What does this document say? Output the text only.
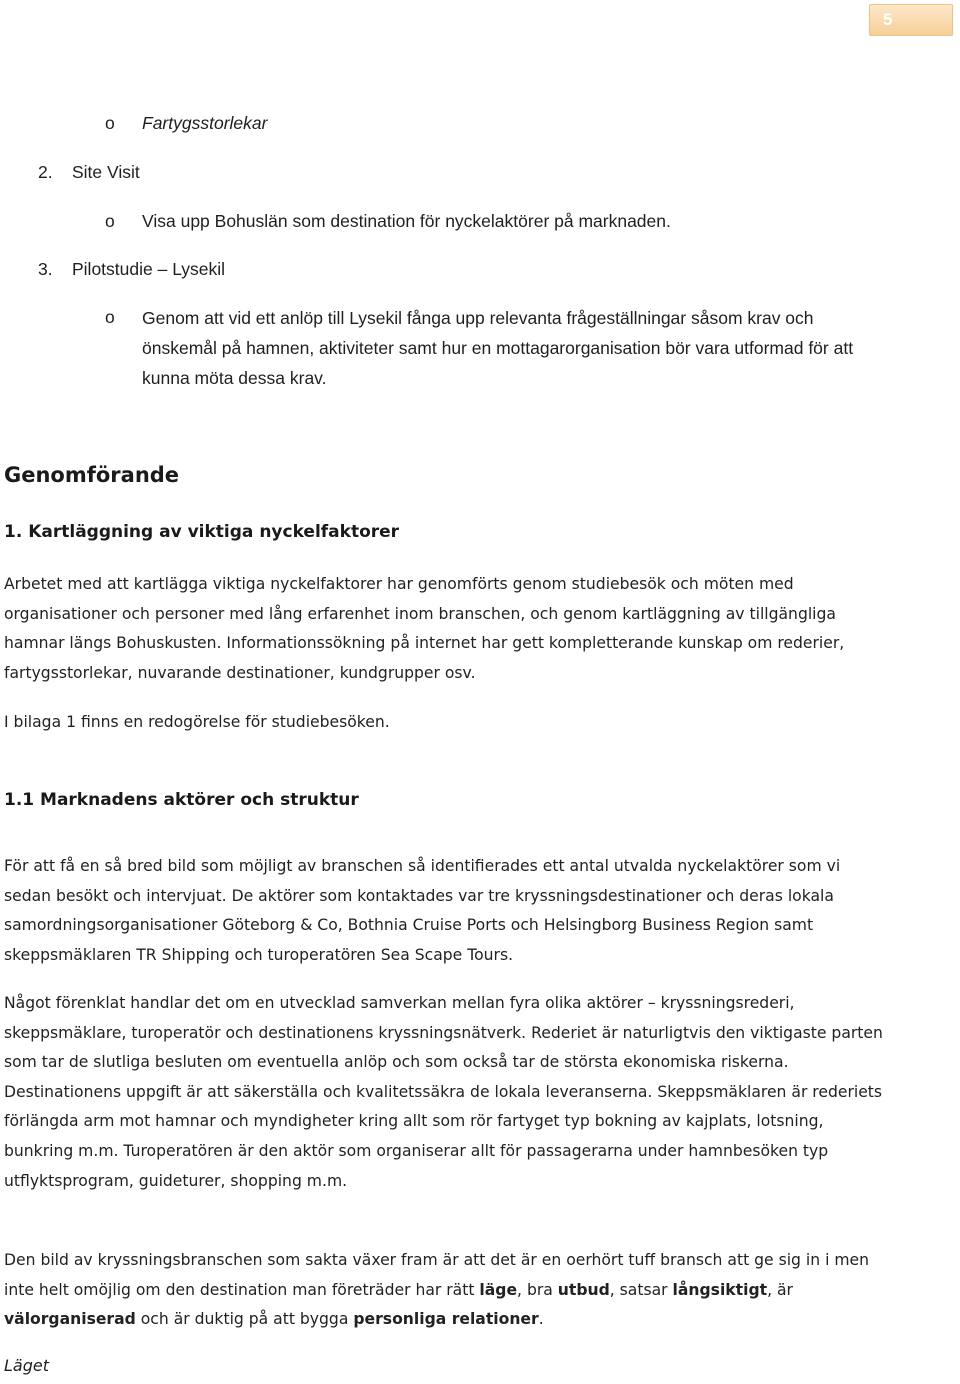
5
o Fartygsstorlekar
2. Site Visit
o Visa upp Bohuslän som destination för nyckelaktörer på marknaden.
3. Pilotstudie – Lysekil
o Genom att vid ett anlöp till Lysekil fånga upp relevanta frågeställningar såsom krav och önskemål på hamnen, aktiviteter samt hur en mottagarorganisation bör vara utformad för att kunna möta dessa krav.
Genomförande
1. Kartläggning av viktiga nyckelfaktorer
Arbetet med att kartlägga viktiga nyckelfaktorer har genomförts genom studiebesök och möten med organisationer och personer med lång erfarenhet inom branschen, och genom kartläggning av tillgängliga hamnar längs Bohuskusten. Informationssökning på internet har gett kompletterande kunskap om rederier, fartygsstorlekar, nuvarande destinationer, kundgrupper osv.
I bilaga 1 finns en redogörelse för studiebesöken.
1.1 Marknadens aktörer och struktur
För att få en så bred bild som möjligt av branschen så identifierades ett antal utvalda nyckelaktörer som vi sedan besökt och intervjuat. De aktörer som kontaktades var tre kryssningsdestinationer och deras lokala samordningsorganisationer Göteborg & Co, Bothnia Cruise Ports och Helsingborg Business Region samt skeppsmäklaren TR Shipping och turoperatören Sea Scape Tours.
Något förenklat handlar det om en utvecklad samverkan mellan fyra olika aktörer – kryssningsrederi, skeppsmäklare, turoperatör och destinationens kryssningsnätverk. Rederiet är naturligtvis den viktigaste parten som tar de slutliga besluten om eventuella anlöp och som också tar de största ekonomiska riskerna. Destinationens uppgift är att säkerställa och kvalitetssäkra de lokala leveranserna. Skeppsmäklaren är rederiets förlängda arm mot hamnar och myndigheter kring allt som rör fartyget typ bokning av kajplats, lotsning, bunkring m.m. Turoperatören är den aktör som organiserar allt för passagerarna under hamnbesöken typ utflyktsprogram, guideturer, shopping m.m.
Den bild av kryssningsbranschen som sakta växer fram är att det är en oerhört tuff bransch att ge sig in i men inte helt omöjlig om den destination man företräder har rätt läge, bra utbud, satsar långsiktigt, är välorganiserad och är duktig på att bygga personliga relationer.
Läget
